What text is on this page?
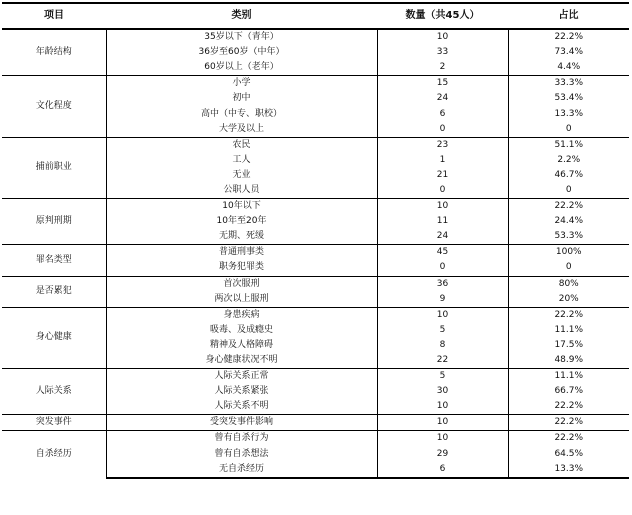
项目	类别	数量（共45人）	占比
年龄结构	35岁以下（青年）	10	22.2%
	36岁至60岁（中年）	33	73.4%
	60岁以上（老年）	2	4.4%
文化程度	小学	15	33.3%
	初中	24	53.4%
	高中（中专、职校）	6	13.3%
	大学及以上	0	0
捕前职业	农民	23	51.1%
	工人	1	2.2%
	无业	21	46.7%
	公职人员	0	0
原判刑期	10年以下	10	22.2%
	10年至20年	11	24.4%
	无期、死缓	24	53.3%
罪名类型	普通刑事类	45	100%
	职务犯罪类	0	0
是否累犯	首次服刑	36	80%
	两次以上服刑	9	20%
身心健康	身患疾病	10	22.2%
	吸毒、及成瘾史	5	11.1%
	精神及人格障碍	8	17.5%
	身心健康状况不明	22	48.9%
人际关系	人际关系正常	5	11.1%
	人际关系紧张	30	66.7%
	人际关系不明	10	22.2%
突发事件	受突发事件影响	10	22.2%
自杀经历	曾有自杀行为	10	22.2%
	曾有自杀想法	29	64.5%
	无自杀经历	6	13.3%
